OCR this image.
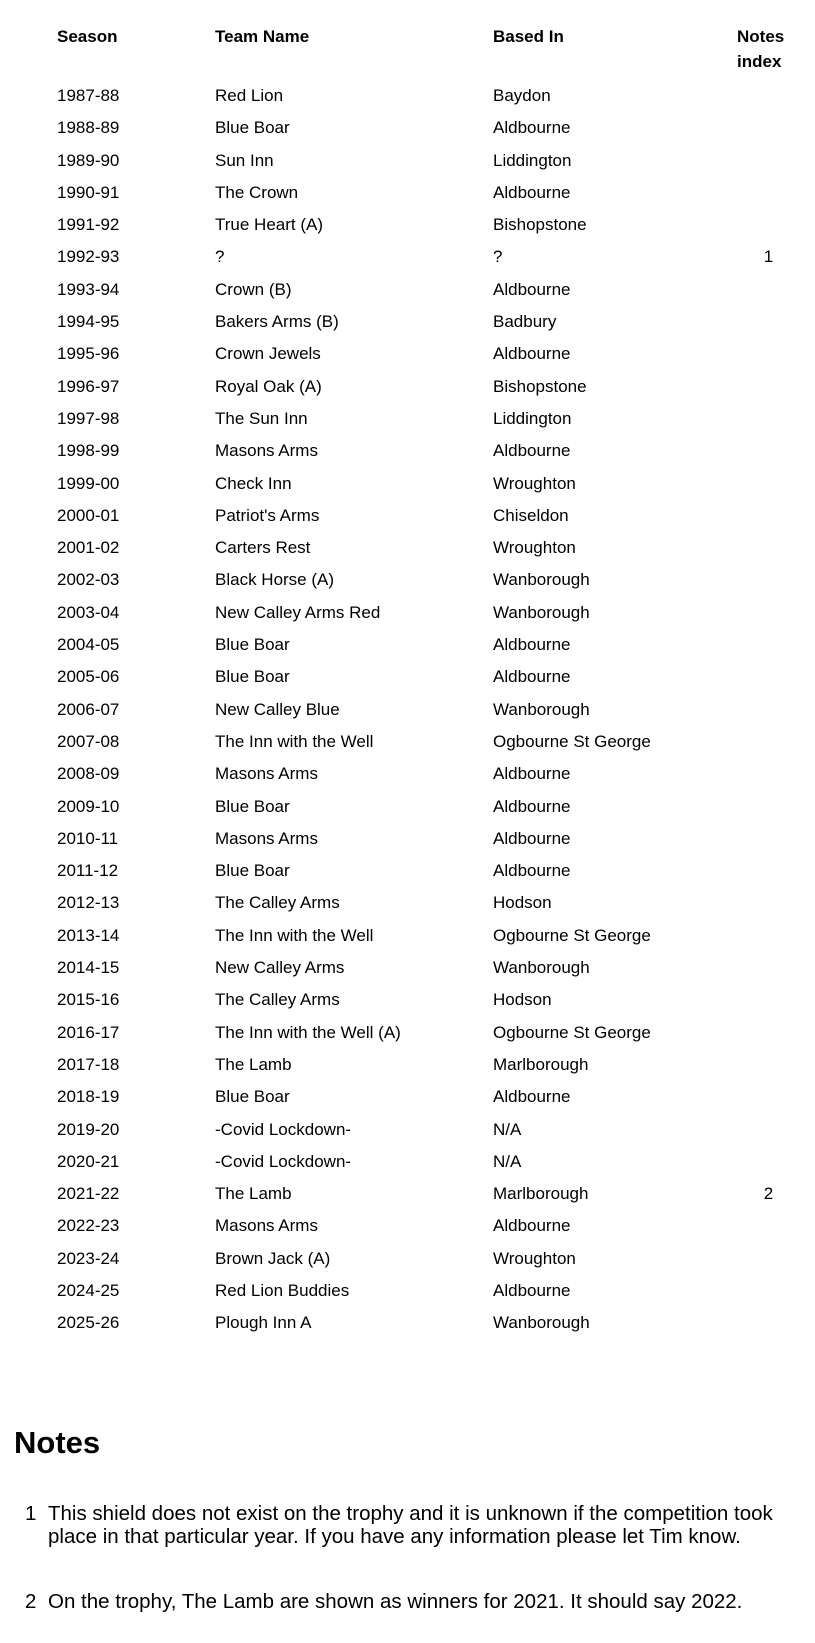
Season	Team Name	Based In	Notes index
1987-88	Red Lion	Baydon
1988-89	Blue Boar	Aldbourne
1989-90	Sun Inn	Liddington
1990-91	The Crown	Aldbourne
1991-92	True Heart (A)	Bishopstone
1992-93	?	?	1
1993-94	Crown (B)	Aldbourne
1994-95	Bakers Arms (B)	Badbury
1995-96	Crown Jewels	Aldbourne
1996-97	Royal Oak (A)	Bishopstone
1997-98	The Sun Inn	Liddington
1998-99	Masons Arms	Aldbourne
1999-00	Check Inn	Wroughton
2000-01	Patriot's Arms	Chiseldon
2001-02	Carters Rest	Wroughton
2002-03	Black Horse (A)	Wanborough
2003-04	New Calley Arms Red	Wanborough
2004-05	Blue Boar	Aldbourne
2005-06	Blue Boar	Aldbourne
2006-07	New Calley Blue	Wanborough
2007-08	The Inn with the Well	Ogbourne St George
2008-09	Masons Arms	Aldbourne
2009-10	Blue Boar	Aldbourne
2010-11	Masons Arms	Aldbourne
2011-12	Blue Boar	Aldbourne
2012-13	The Calley Arms	Hodson
2013-14	The Inn with the Well	Ogbourne St George
2014-15	New Calley Arms	Wanborough
2015-16	The Calley Arms	Hodson
2016-17	The Inn with the Well (A)	Ogbourne St George
2017-18	The Lamb	Marlborough
2018-19	Blue Boar	Aldbourne
2019-20	-Covid Lockdown-	N/A
2020-21	-Covid Lockdown-	N/A
2021-22	The Lamb	Marlborough	2
2022-23	Masons Arms	Aldbourne
2023-24	Brown Jack (A)	Wroughton
2024-25	Red Lion Buddies	Aldbourne
2025-26	Plough Inn A	Wanborough
Notes
1 This shield does not exist on the trophy and it is unknown if the competition took place in that particular year. If you have any information please let Tim know.
2 On the trophy, The Lamb are shown as winners for 2021. It should say 2022.
